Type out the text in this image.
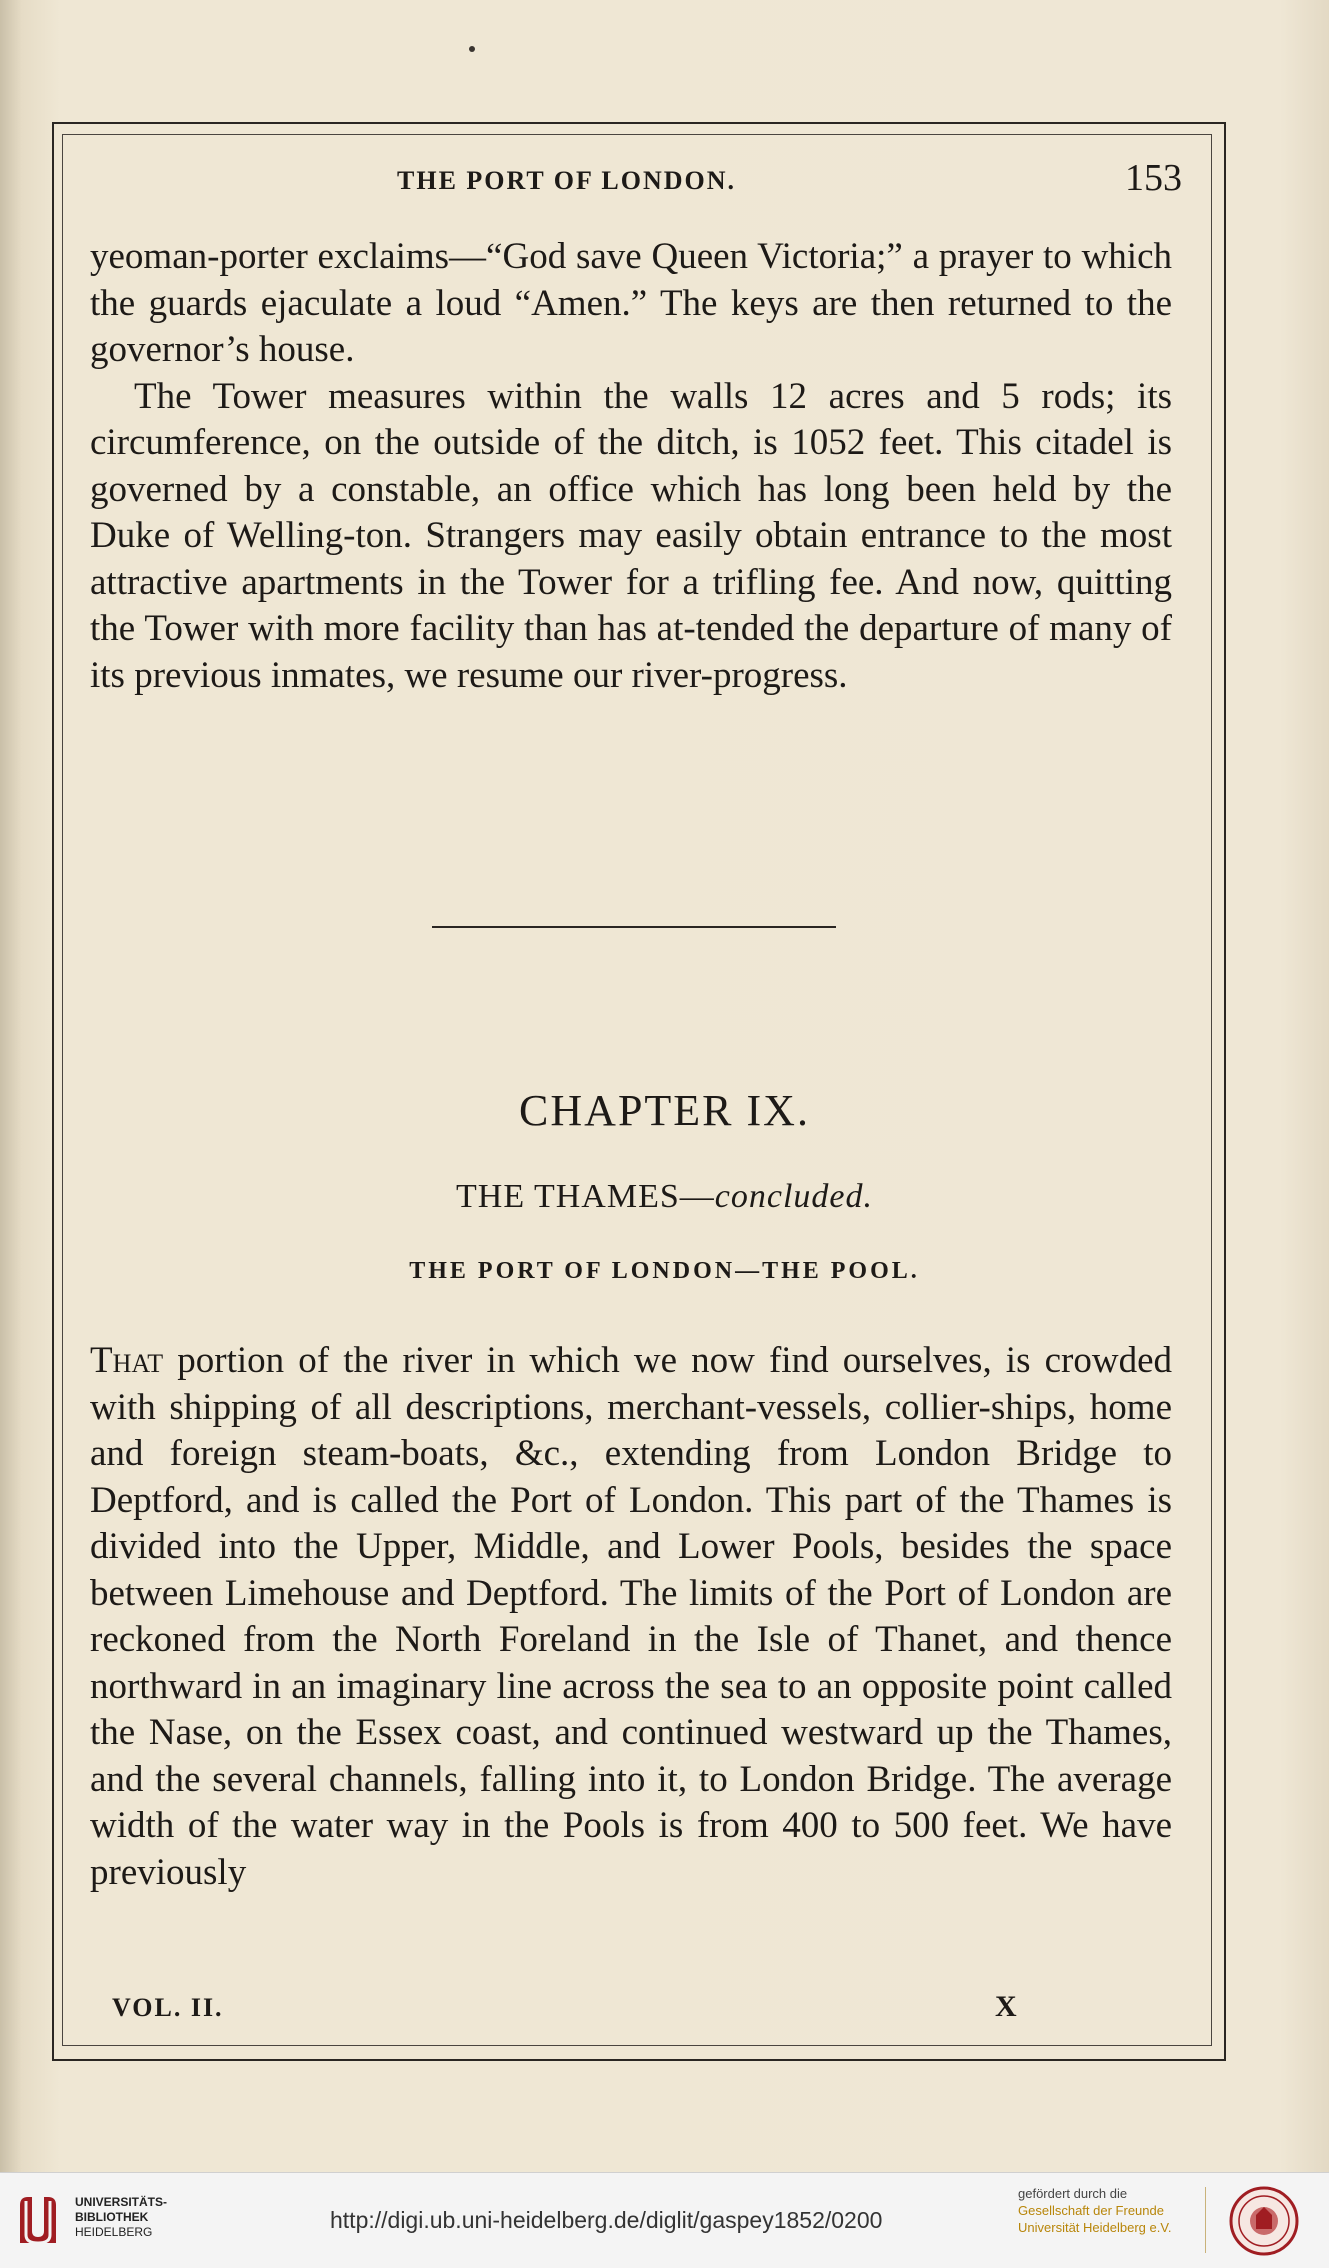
THE PORT OF LONDON.	153

yeoman-porter exclaims—“God save Queen Victoria;” a prayer to which the guards ejaculate a loud “Amen.” The keys are then returned to the governor’s house.

The Tower measures within the walls 12 acres and 5 rods; its circumference, on the outside of the ditch, is 1052 feet. This citadel is governed by a constable, an office which has long been held by the Duke of Welling-ton. Strangers may easily obtain entrance to the most attractive apartments in the Tower for a trifling fee. And now, quitting the Tower with more facility than has at-tended the departure of many of its previous inmates, we resume our river-progress.

CHAPTER IX.
THE THAMES—concluded.
THE PORT OF LONDON—THE POOL.

That portion of the river in which we now find ourselves, is crowded with shipping of all descriptions, merchant-vessels, collier-ships, home and foreign steam-boats, &c., extending from London Bridge to Deptford, and is called the Port of London. This part of the Thames is divided into the Upper, Middle, and Lower Pools, besides the space between Limehouse and Deptford. The limits of the Port of London are reckoned from the North Foreland in the Isle of Thanet, and thence northward in an imaginary line across the sea to an opposite point called the Nase, on the Essex coast, and continued westward up the Thames, and the several channels, falling into it, to London Bridge. The average width of the water way in the Pools is from 400 to 500 feet. We have previously

VOL. II.	X
UNIVERSITÄTS-
BIBLIOTHEK
HEIDELBERG	http://digi.ub.uni-heidelberg.de/diglit/gaspey1852/0200
gefördert durch die
Gesellschaft der Freunde
Universität Heidelberg e.V.
